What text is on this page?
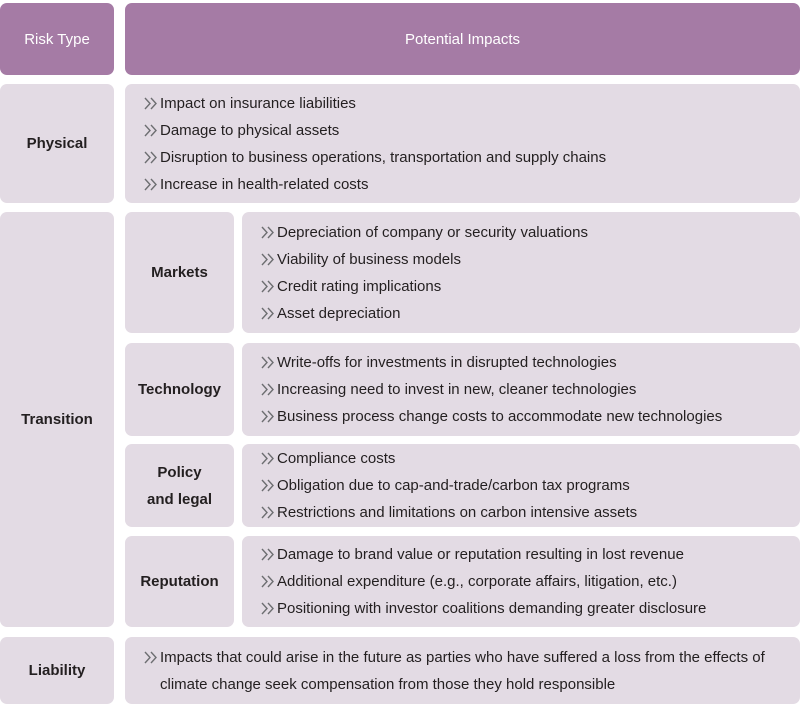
Risk Type	Potential Impacts
Physical
Impact on insurance liabilities
Damage to physical assets
Disruption to business operations, transportation and supply chains
Increase in health-related costs
Transition
Markets
Depreciation of company or security valuations
Viability of business models
Credit rating implications
Asset depreciation
Technology
Write-offs for investments in disrupted technologies
Increasing need to invest in new, cleaner technologies
Business process change costs to accommodate new technologies
Policy
and legal
Compliance costs
Obligation due to cap-and-trade/carbon tax programs
Restrictions and limitations on carbon intensive assets
Reputation
Damage to brand value or reputation resulting in lost revenue
Additional expenditure (e.g., corporate affairs, litigation, etc.)
Positioning with investor coalitions demanding greater disclosure
Liability
Impacts that could arise in the future as parties who have suffered a loss from the effects of climate change seek compensation from those they hold responsible
